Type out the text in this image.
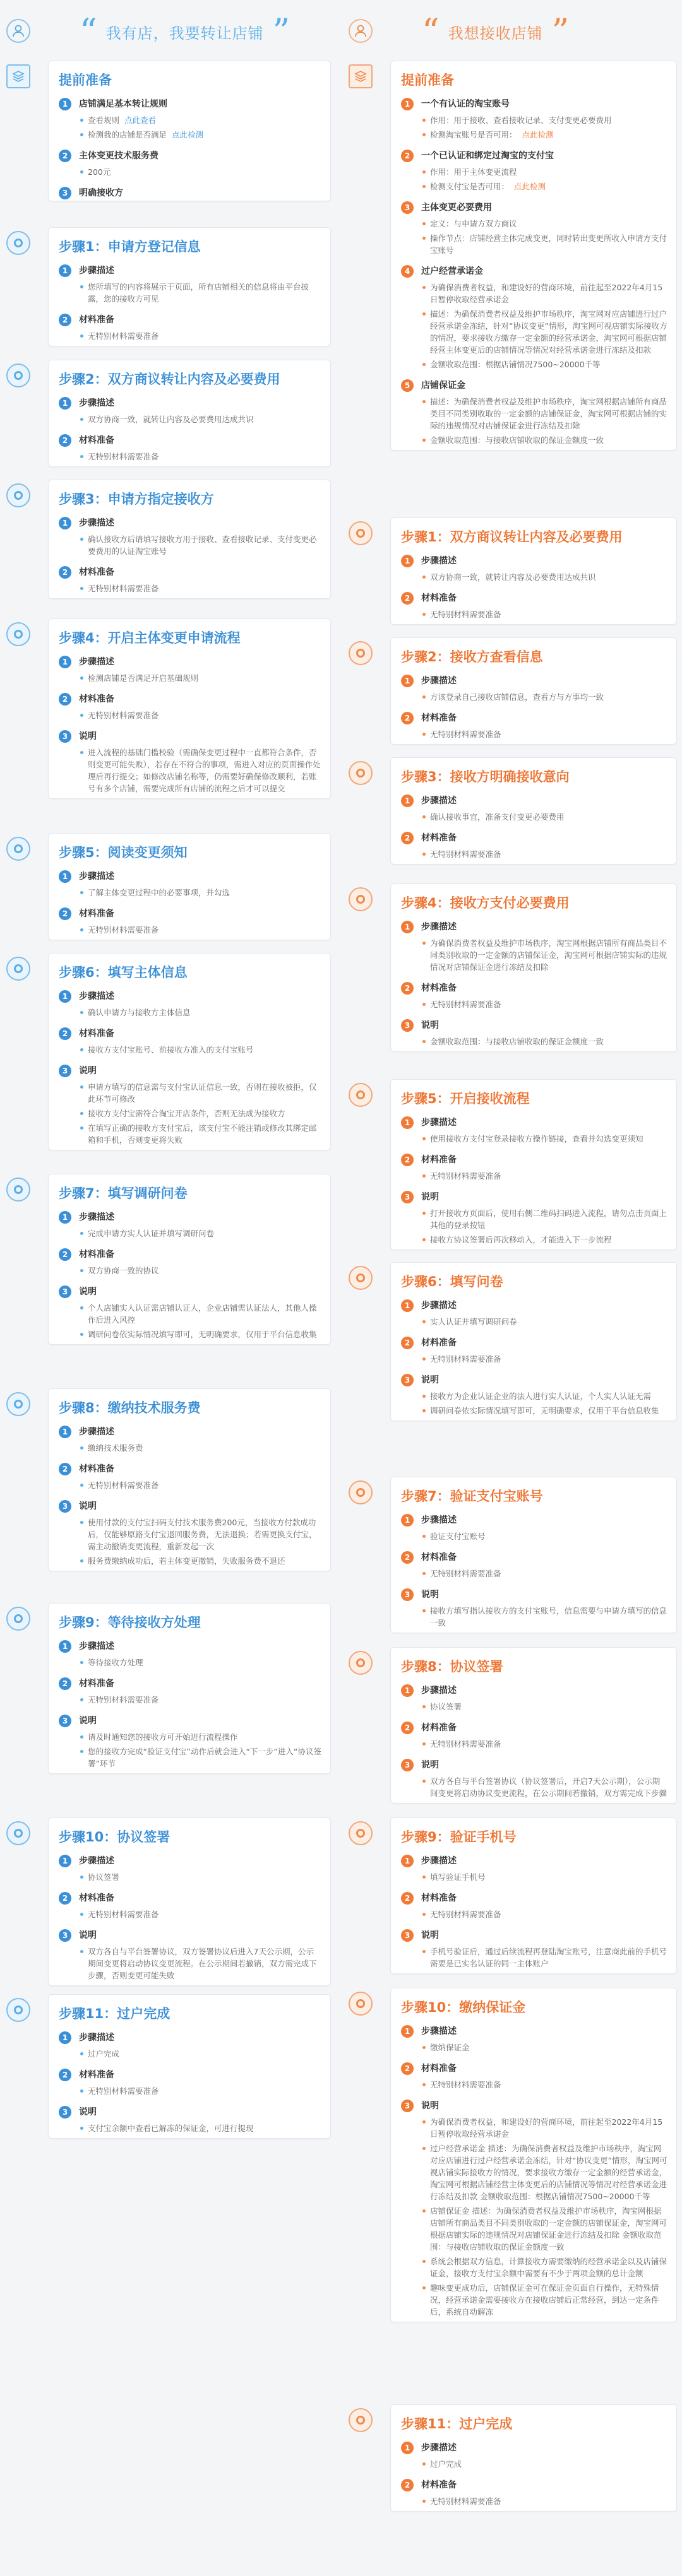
“ 我有店，我要转让店铺 ”
提前准备
1	店铺满足基本转让规则
查看规则 点此查看
检测我的店铺是否满足 点此检测
2	主体变更技术服务费
200元
3	明确接收方
步骤1：申请方登记信息
1	步骤描述
您所填写的内容将展示于页面，所有店铺相关的信息将由平台披露，您的接收方可见
2	材料准备
无特别材料需要准备
步骤2：双方商议转让内容及必要费用
1	步骤描述
双方协商一致，就转让内容及必要费用达成共识
2	材料准备
无特别材料需要准备
步骤3：申请方指定接收方
1	步骤描述
确认接收方后请填写接收方用于接收、查看接收记录、支付变更必要费用的认证淘宝账号
2	材料准备
无特别材料需要准备
步骤4：开启主体变更申请流程
1	步骤描述
检测店铺是否满足开启基础规则
2	材料准备
无特别材料需要准备
3	说明
进入流程的基础门槛校验（需确保变更过程中一直都符合条件，否则变更可能失败），若存在不符合的事项，需进入对应的页面操作处理后再行提交；如修改店铺名称等，仍需要好确保修改顺利，若账号有多个店铺，需要完成所有店铺的流程之后才可以提交
步骤5：阅读变更须知
1	步骤描述
了解主体变更过程中的必要事项，并勾选
2	材料准备
无特别材料需要准备
步骤6：填写主体信息
1	步骤描述
确认申请方与接收方主体信息
2	材料准备
接收方支付宝账号、前接收方准入的支付宝账号
3	说明
申请方填写的信息需与支付宝认证信息一致，否则在接收被拒，仅此环节可修改
接收方支付宝需符合淘宝开店条件，否则无法成为接收方
在填写正确的接收方支付宝后，该支付宝不能注销或修改其绑定邮箱和手机，否则变更将失败
步骤7：填写调研问卷
1	步骤描述
完成申请方实人认证并填写调研问卷
2	材料准备
双方协商一致的协议
3	说明
个人店铺实人认证需店铺认证人，企业店铺需认证法人，其他人操作后进入风控
调研问卷依实际情况填写即可，无明确要求，仅用于平台信息收集
步骤8：缴纳技术服务费
1	步骤描述
缴纳技术服务费
2	材料准备
无特别材料需要准备
3	说明
使用付款的支付宝扫码支付技术服务费200元，当接收方付款成功后，仅能够原路支付宝退回服务费，无法退换；若需更换支付宝，需主动撤销变更流程，重新发起一次
服务费缴纳成功后，若主体变更撤销，失败服务费不退还
步骤9：等待接收方处理
1	步骤描述
等待接收方处理
2	材料准备
无特别材料需要准备
3	说明
请及时通知您的接收方可开始进行流程操作
您的接收方完成“验证支付宝”动作后就会进入“下一步”进入“协议签署”环节
步骤10：协议签署
1	步骤描述
协议签署
2	材料准备
无特别材料需要准备
3	说明
双方各自与平台签署协议，双方签署协议后进入7天公示期，公示期间变更将启动协议变更流程。在公示期间若撤销，双方需完成下步骤，否则变更可能失败
步骤11：过户完成
1	步骤描述
过户完成
2	材料准备
无特别材料需要准备
3	说明
支付宝余额中查看已解冻的保证金，可进行提现
“ 我想接收店铺 ”
提前准备
1	一个有认证的淘宝账号
作用：用于接收、查看接收记录、支付变更必要费用
检测淘宝账号是否可用： 点此检测
2	一个已认证和绑定过淘宝的支付宝
作用：用于主体变更流程
检测支付宝是否可用： 点此检测
3	主体变更必要费用
定义：与申请方双方商议
操作节点：店铺经营主体完成变更，同时转出变更所收入申请方支付宝账号
4	过户经营承诺金
为确保消费者权益，和建设好的营商环境，前往起至2022年4月15日暂停收取经营承诺金
描述：为确保消费者权益及维护市场秩序，淘宝网对应店铺进行过户经营承诺金冻结，针对“协议变更”情形，淘宝网可视店铺实际接收方的情况，要求接收方缴存一定金额的经营承诺金，淘宝网可根据店铺经营主体变更后的店铺情况等情况对经营承诺金进行冻结及扣款
金额收取范围：根据店铺情况7500~20000千等
5	店铺保证金
描述：为确保消费者权益及维护市场秩序，淘宝网根据店铺所有商品类目不同类别收取的一定金额的店铺保证金，淘宝网可根据店铺的实际的违规情况对店铺保证金进行冻结及扣除
金额收取范围：与接收店铺收取的保证金额度一致
步骤1：双方商议转让内容及必要费用
1	步骤描述
双方协商一致，就转让内容及必要费用达成共识
2	材料准备
无特别材料需要准备
步骤2：接收方查看信息
1	步骤描述
方该登录自己接收店铺信息，查看方与方事均一致
2	材料准备
无特别材料需要准备
步骤3：接收方明确接收意向
1	步骤描述
确认接收事宜，准备支付变更必要费用
2	材料准备
无特别材料需要准备
步骤4：接收方支付必要费用
1	步骤描述
为确保消费者权益及维护市场秩序，淘宝网根据店铺所有商品类目不同类别收取的一定金额的店铺保证金，淘宝网可根据店铺实际的违规情况对店铺保证金进行冻结及扣除
2	材料准备
无特别材料需要准备
3	说明
金额收取范围：与接收店铺收取的保证金额度一致
步骤5：开启接收流程
1	步骤描述
使用接收方支付宝登录接收方操作链接，查看并勾选变更须知
2	材料准备
无特别材料需要准备
3	说明
打开接收方页面后，使用右侧二维码扫码进入流程，请勿点击页面上其他的登录按钮
接收方协议签署后再次移动入，才能进入下一步流程
步骤6：填写问卷
1	步骤描述
实人认证并填写调研问卷
2	材料准备
无特别材料需要准备
3	说明
接收方为企业认证企业的法人进行实人认证，个人实人认证无需
调研问卷依实际情况填写即可，无明确要求，仅用于平台信息收集
步骤7：验证支付宝账号
1	步骤描述
验证支付宝账号
2	材料准备
无特别材料需要准备
3	说明
接收方填写指认接收方的支付宝账号，信息需要与申请方填写的信息一致
步骤8：协议签署
1	步骤描述
协议签署
2	材料准备
无特别材料需要准备
3	说明
双方各自与平台签署协议（协议签署后，开启7天公示期），公示期间变更将启动协议变更流程，在公示期间若撤销，双方需完成下步骤
步骤9：验证手机号
1	步骤描述
填写验证手机号
2	材料准备
无特别材料需要准备
3	说明
手机号验证后，通过后续流程再登陆淘宝账号，注意商此前的手机号需要是已实名认证的同一主体账户
步骤10：缴纳保证金
1	步骤描述
缴纳保证金
2	材料准备
无特别材料需要准备
3	说明
为确保消费者权益，和建设好的营商环境，前往起至2022年4月15日暂停收取经营承诺金
过户经营承诺金 描述：为确保消费者权益及维护市场秩序，淘宝网对应店铺进行过户经营承诺金冻结，针对“协议变更”情形，淘宝网可视店铺实际接收方的情况，要求接收方缴存一定金额的经营承诺金，淘宝网可根据店铺经营主体变更后的店铺情况等情况对经营承诺金进行冻结及扣款 金额收取范围：根据店铺情况7500~20000千等
店铺保证金 描述：为确保消费者权益及维护市场秩序，淘宝网根据店铺所有商品类目不同类别收取的一定金额的店铺保证金，淘宝网可根据店铺实际的违规情况对店铺保证金进行冻结及扣除 金额收取范围：与接收店铺收取的保证金额度一致
系统会根据双方信息，计算接收方需要缴纳的经营承诺金以及店铺保证金，接收方支付宝余额中需要有不少于两项金额的总计金额
趣味变更成功后，店铺保证金可在保证金页面自行操作，无特殊情况，经营承诺金需要接收方在接收店铺后正常经营，到达一定条件后，系统自动解冻
步骤11：过户完成
1	步骤描述
过户完成
2	材料准备
无特别材料需要准备
